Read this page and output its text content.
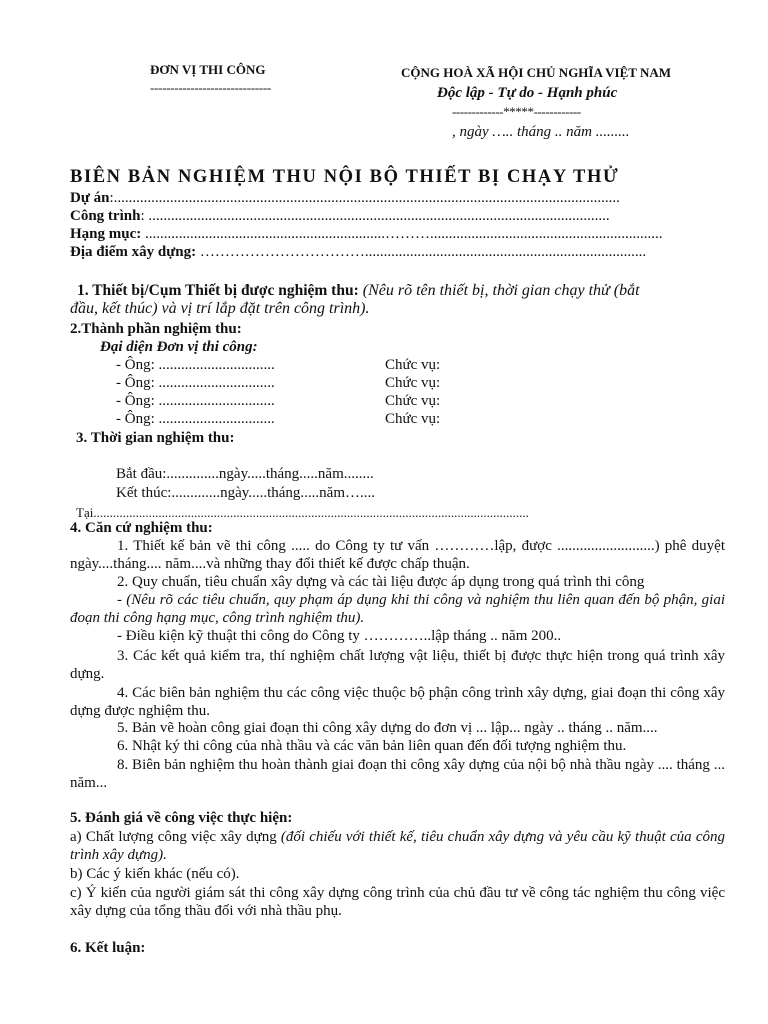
ĐƠN VỊ THI CÔNG
------------------------------
CỘNG HOÀ XÃ HỘI CHỦ NGHĨA VIỆT NAM
Độc lập - Tự do - Hạnh phúc
-------------*****------------
, ngày ….. tháng .. năm .........
BIÊN BẢN NGHIỆM THU NỘI BỘ THIẾT BỊ CHẠY THỬ
Dự án:.......................................................................................................................................
Công trình: ...........................................................................................................................
Hạng mục: ................................................................………..............................................................
Địa điểm xây dựng: ……………………………...........................................................................
1. Thiết bị/Cụm Thiết bị được nghiệm thu: (Nêu rõ tên thiết bị, thời gian chạy thử (bắt
đầu, kết thúc) và vị trí lắp đặt trên công trình).
2.Thành phần nghiệm thu:
Đại diện Đơn vị thi công:
- Ông: ...............................	Chức vụ:
- Ông: ...............................	Chức vụ:
- Ông: ...............................	Chức vụ:
- Ông: ...............................	Chức vụ:
3. Thời gian nghiệm thu:
Bắt đầu:..............ngày.....tháng.....năm........
Kết thúc:.............ngày.....tháng.....năm…....
Tại......................................................................................................................................
4. Căn cứ nghiệm thu:
1. Thiết kế bản vẽ thi công ..... do Công ty tư vấn …………lập, được ..........................) phê duyệt ngày....tháng.... năm....và những thay đổi thiết kế được chấp thuận.
2. Quy chuẩn, tiêu chuẩn xây dựng và các tài liệu được áp dụng trong quá trình thi công
- (Nêu rõ các tiêu chuẩn, quy phạm áp dụng khi thi công và nghiệm thu liên quan đến bộ phận, giai đoạn thi công hạng mục, công trình nghiệm thu).
- Điều kiện kỹ thuật thi công do Công ty …………..lập tháng .. năm 200..
3. Các kết quả kiểm tra, thí nghiệm chất lượng vật liệu, thiết bị được thực hiện trong quá trình xây dựng.
4. Các biên bản nghiệm thu các công việc thuộc bộ phận công trình xây dựng, giai đoạn thi công xây dựng được nghiệm thu.
5. Bản vẽ hoàn công giai đoạn thi công xây dựng do đơn vị ... lập... ngày .. tháng .. năm....
6. Nhật ký thi công của nhà thầu và các văn bản liên quan đến đối tượng nghiệm thu.
8. Biên bản nghiệm thu hoàn thành giai đoạn thi công xây dựng của nội bộ nhà thầu ngày .... tháng ... năm...
5. Đánh giá về công việc thực hiện:
a) Chất lượng công việc xây dựng (đối chiếu với thiết kế, tiêu chuẩn xây dựng và yêu cầu kỹ thuật của công trình xây dựng).
b) Các ý kiến khác (nếu có).
c) Ý kiến của người giám sát thi công xây dựng công trình của chủ đầu tư về công tác nghiệm thu công việc xây dựng của tổng thầu đối với nhà thầu phụ.
6. Kết luận:
